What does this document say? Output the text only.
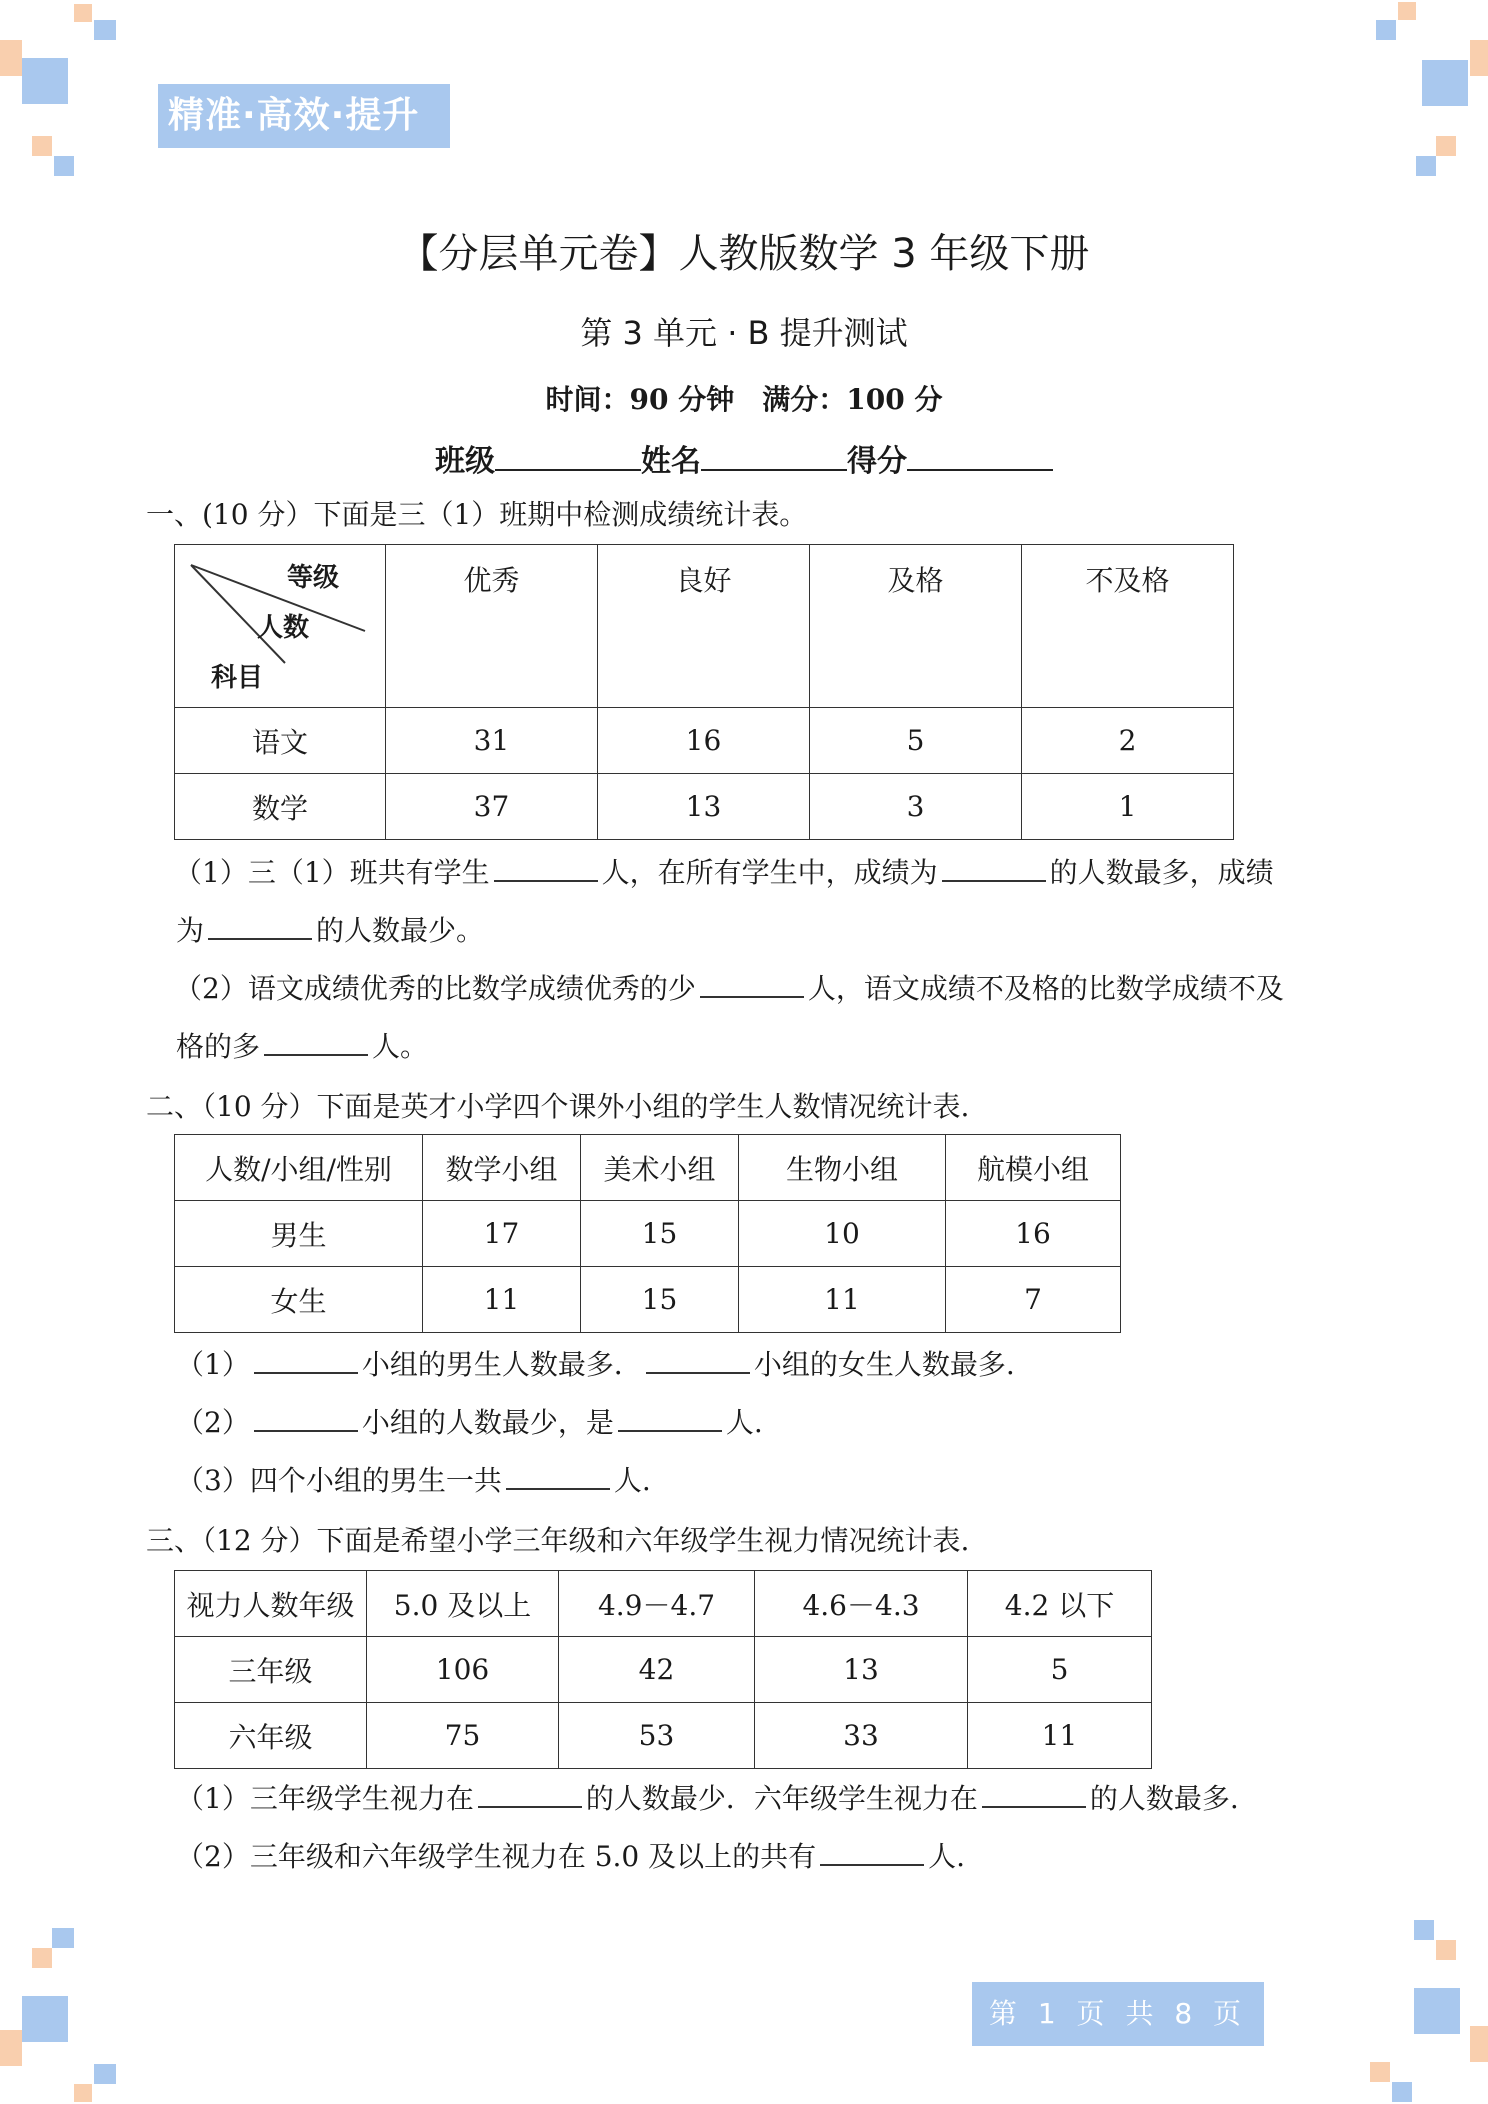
精准·高效·提升
【分层单元卷】人教版数学 3 年级下册
第 3 单元 · B 提升测试
时间：90 分钟　满分：100 分
班级	姓名	得分
一、(10 分）下面是三（1）班期中检测成绩统计表。
等级
人数
科目	优秀	良好	及格	不及格
语文	31	16	5	2
数学	37	13	3	1
（1）三（1）班共有学生	人，在所有学生中，成绩为	的人数最多，成绩
为	的人数最少。
（2）语文成绩优秀的比数学成绩优秀的少	人，语文成绩不及格的比数学成绩不及
格的多	人。
二、（10 分）下面是英才小学四个课外小组的学生人数情况统计表.
人数/小组/性别	数学小组	美术小组	生物小组	航模小组
男生	17	15	10	16
女生	11	15	11	7
（1）	小组的男生人数最多．	小组的女生人数最多.
（2）	小组的人数最少，是	人.
（3）四个小组的男生一共	人.
三、（12 分）下面是希望小学三年级和六年级学生视力情况统计表.
视力人数年级	5.0 及以上	4.9－4.7	4.6－4.3	4.2 以下
三年级	106	42	13	5
六年级	75	53	33	11
（1）三年级学生视力在	的人数最少．六年级学生视力在	的人数最多.
（2）三年级和六年级学生视力在 5.0 及以上的共有	人.
第 1 页 共 8 页
